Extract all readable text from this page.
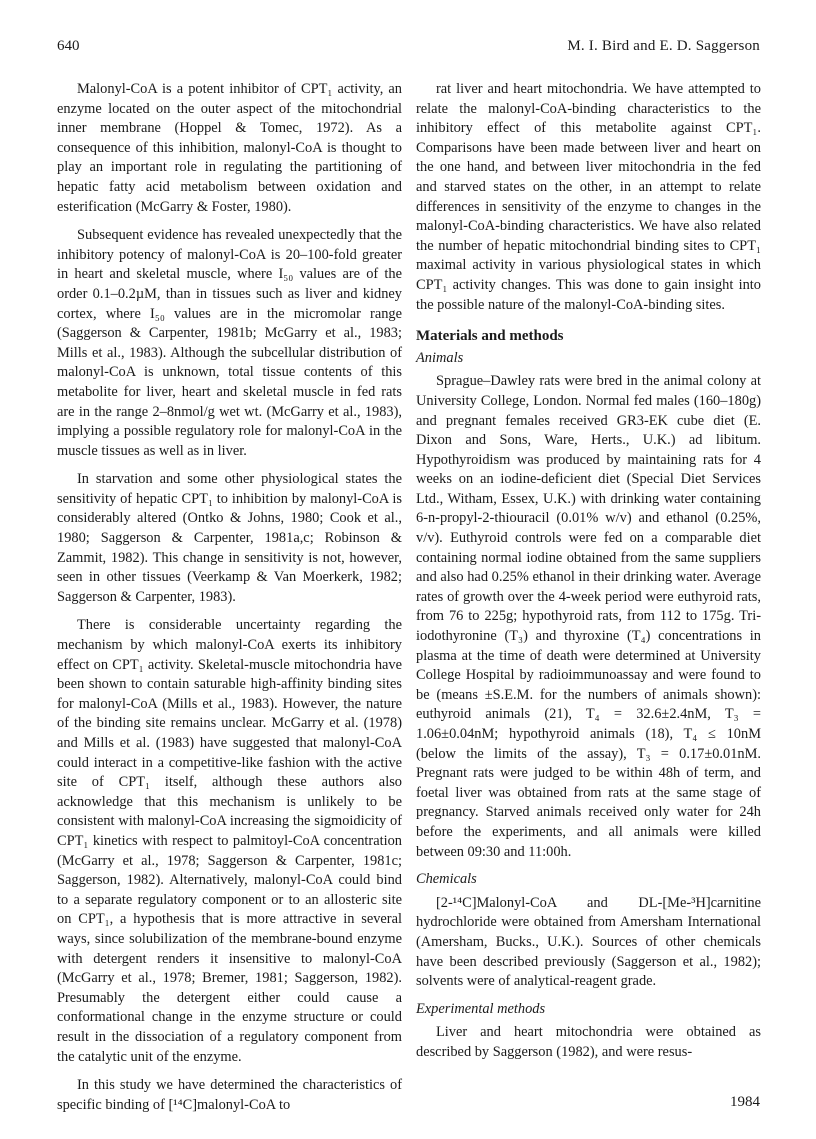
640	M. I. Bird and E. D. Saggerson

Malonyl-CoA is a potent inhibitor of CPT₁ activity, an enzyme located on the outer aspect of the mitochondrial inner membrane (Hoppel & Tomec, 1972). As a consequence of this inhibition, malonyl-CoA is thought to play an important role in regulating the partitioning of hepatic fatty acid metabolism between oxidation and esterification (McGarry & Foster, 1980).

Subsequent evidence has revealed unexpectedly that the inhibitory potency of malonyl-CoA is 20–100-fold greater in heart and skeletal muscle, where I₅₀ values are of the order 0.1–0.2µM, than in tissues such as liver and kidney cortex, where I₅₀ values are in the micromolar range (Saggerson & Carpenter, 1981b; McGarry et al., 1983; Mills et al., 1983). Although the subcellular distribution of malonyl-CoA is unknown, total tissue contents of this metabolite for liver, heart and skeletal muscle in fed rats are in the range 2–8nmol/g wet wt. (McGarry et al., 1983), implying a possible regulatory role for malonyl-CoA in the muscle tissues as well as in liver.

In starvation and some other physiological states the sensitivity of hepatic CPT₁ to inhibition by malonyl-CoA is considerably altered (Ontko & Johns, 1980; Cook et al., 1980; Saggerson & Carpenter, 1981a,c; Robinson & Zammit, 1982). This change in sensitivity is not, however, seen in other tissues (Veerkamp & Van Moerkerk, 1982; Saggerson & Carpenter, 1983).

There is considerable uncertainty regarding the mechanism by which malonyl-CoA exerts its inhibitory effect on CPT₁ activity. Skeletal-muscle mitochondria have been shown to contain saturable high-affinity binding sites for malonyl-CoA (Mills et al., 1983). However, the nature of the binding site remains unclear. McGarry et al. (1978) and Mills et al. (1983) have suggested that malonyl-CoA could interact in a competitive-like fashion with the active site of CPT₁ itself, although these authors also acknowledge that this mechanism is unlikely to be consistent with malonyl-CoA increasing the sigmoidicity of CPT₁ kinetics with respect to palmitoyl-CoA concentration (McGarry et al., 1978; Saggerson & Carpenter, 1981c; Saggerson, 1982). Alternatively, malonyl-CoA could bind to a separate regulatory component or to an allosteric site on CPT₁, a hypothesis that is more attractive in several ways, since solubilization of the membrane-bound enzyme with detergent renders it insensitive to malonyl-CoA (McGarry et al., 1978; Bremer, 1981; Saggerson, 1982). Presumably the detergent either could cause a conformational change in the enzyme structure or could result in the dissociation of a regulatory component from the catalytic unit of the enzyme.

In this study we have determined the characteristics of specific binding of [¹⁴C]malonyl-CoA to

rat liver and heart mitochondria. We have attempted to relate the malonyl-CoA-binding characteristics to the inhibitory effect of this metabolite against CPT₁. Comparisons have been made between liver and heart on the one hand, and between liver mitochondria in the fed and starved states on the other, in an attempt to relate differences in sensitivity of the enzyme to changes in the malonyl-CoA-binding characteristics. We have also related the number of hepatic mitochondrial binding sites to CPT₁ maximal activity in various physiological states in which CPT₁ activity changes. This was done to gain insight into the possible nature of the malonyl-CoA-binding sites.

Materials and methods
Animals

Sprague–Dawley rats were bred in the animal colony at University College, London. Normal fed males (160–180g) and pregnant females received GR3-EK cube diet (E. Dixon and Sons, Ware, Herts., U.K.) ad libitum. Hypothyroidism was produced by maintaining rats for 4 weeks on an iodine-deficient diet (Special Diet Services Ltd., Witham, Essex, U.K.) with drinking water containing 6-n-propyl-2-thiouracil (0.01% w/v) and ethanol (0.25%, v/v). Euthyroid controls were fed on a comparable diet containing normal iodine obtained from the same suppliers and also had 0.25% ethanol in their drinking water. Average rates of growth over the 4-week period were euthyroid rats, from 76 to 225g; hypothyroid rats, from 112 to 175g. Tri-iodothyronine (T₃) and thyroxine (T₄) concentrations in plasma at the time of death were determined at University College Hospital by radioimmunoassay and were found to be (means ±S.E.M. for the numbers of animals shown): euthyroid animals (21), T₄ = 32.6±2.4nM, T₃ = 1.06±0.04nM; hypothyroid animals (18), T₄ ≤ 10nM (below the limits of the assay), T₃ = 0.17±0.01nM. Pregnant rats were judged to be within 48h of term, and foetal liver was obtained from rats at the same stage of pregnancy. Starved animals received only water for 24h before the experiments, and all animals were killed between 09:30 and 11:00h.

Chemicals

[2-¹⁴C]Malonyl-CoA and DL-[Me-³H]carnitine hydrochloride were obtained from Amersham International (Amersham, Bucks., U.K.). Sources of other chemicals have been described previously (Saggerson et al., 1982); solvents were of analytical-reagent grade.

Experimental methods

Liver and heart mitochondria were obtained as described by Saggerson (1982), and were resus-

1984
